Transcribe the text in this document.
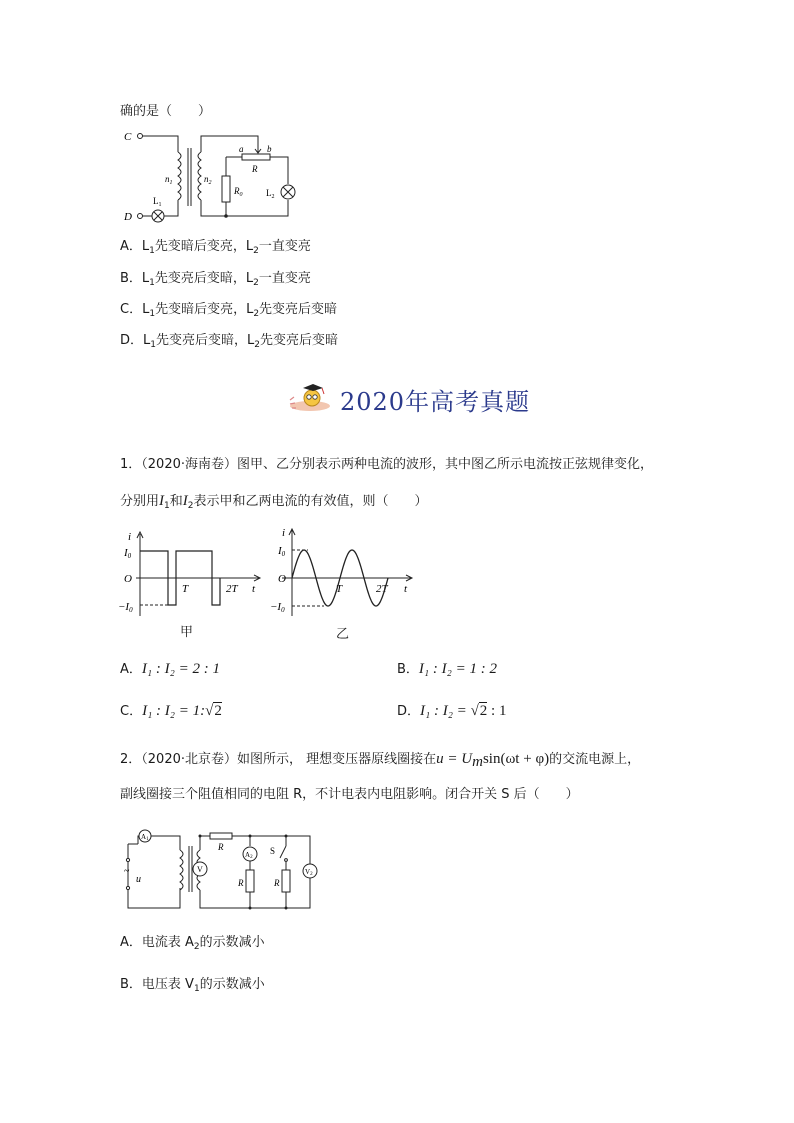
确的是（　　）
C
D
$L_1$
$n_1$	$n_2$
a	b
R
$R_0$	$L_2$
A．$L_1$先变暗后变亮，$L_2$一直变亮
B．$L_1$先变亮后变暗，$L_2$一直变亮
C．$L_1$先变暗后变亮，$L_2$先变亮后变暗
D．$L_1$先变亮后变暗，$L_2$先变亮后变暗
2020年高考真题
1．（2020·海南卷）图甲、乙分别表示两种电流的波形，其中图乙所示电流按正弦规律变化，
分别用$I_1$和$I_2$表示甲和乙两电流的有效值，则（　　）
i
I0
O
−I0
T	2T t
甲
i
I0
O
−I0
T	2T t
乙
A．I₁ : I₂ = 2 : 1	B．I₁ : I₂ = 1 : 2
C．I₁ : I₂ = 1:√2	D．I₁ : I₂ = √2 : 1
2．（2020·北京卷）如图所示， 理想变压器原线圈接在$u = U_m\sin(\omega t + \varphi)$的交流电源上，
副线圈接三个阻值相同的电阻 R，不计电表内电阻影响。闭合开关 S 后（　　）
A1
~
u
V
R
A2
R
S
R
V2
A．电流表 $A_2$的示数减小
B．电压表 $V_1$的示数减小
